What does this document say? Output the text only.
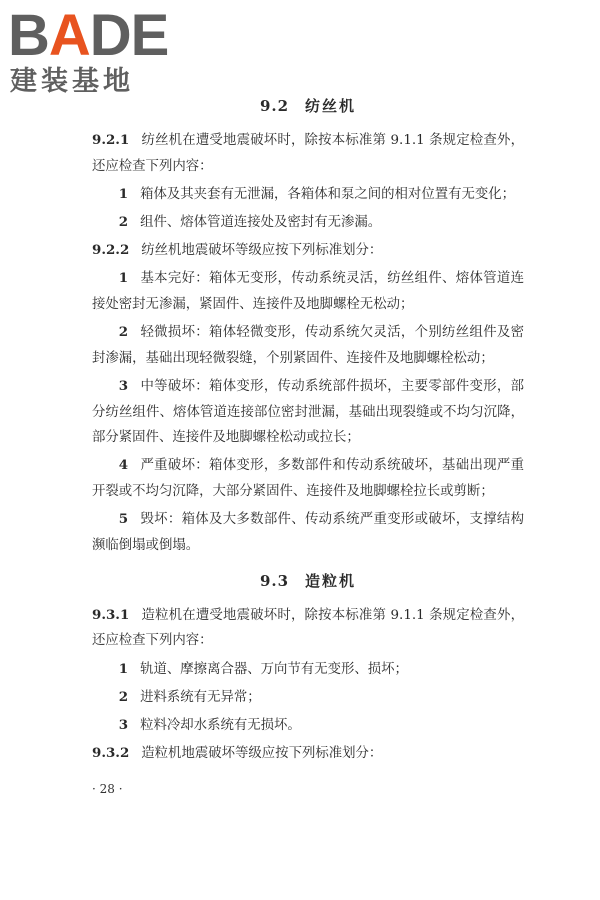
BADE
建装基地
9.2 纺丝机

9.2.1 纺丝机在遭受地震破坏时，除按本标准第 9.1.1 条规定检查外，还应检查下列内容：

1 箱体及其夹套有无泄漏，各箱体和泵之间的相对位置有无变化；

2 组件、熔体管道连接处及密封有无渗漏。

9.2.2 纺丝机地震破坏等级应按下列标准划分：

1 基本完好：箱体无变形，传动系统灵活，纺丝组件、熔体管道连接处密封无渗漏，紧固件、连接件及地脚螺栓无松动；

2 轻微损坏：箱体轻微变形，传动系统欠灵活，个别纺丝组件及密封渗漏，基础出现轻微裂缝，个别紧固件、连接件及地脚螺栓松动；

3 中等破坏：箱体变形，传动系统部件损坏，主要零部件变形，部分纺丝组件、熔体管道连接部位密封泄漏，基础出现裂缝或不均匀沉降，部分紧固件、连接件及地脚螺栓松动或拉长；

4 严重破坏：箱体变形，多数部件和传动系统破坏，基础出现严重开裂或不均匀沉降，大部分紧固件、连接件及地脚螺栓拉长或剪断；

5 毁坏：箱体及大多数部件、传动系统严重变形或破坏，支撑结构濒临倒塌或倒塌。

9.3 造粒机

9.3.1 造粒机在遭受地震破坏时，除按本标准第 9.1.1 条规定检查外，还应检查下列内容：

1 轨道、摩擦离合器、万向节有无变形、损坏；

2 进料系统有无异常；

3 粒料冷却水系统有无损坏。

9.3.2 造粒机地震破坏等级应按下列标准划分：

· 28 ·
